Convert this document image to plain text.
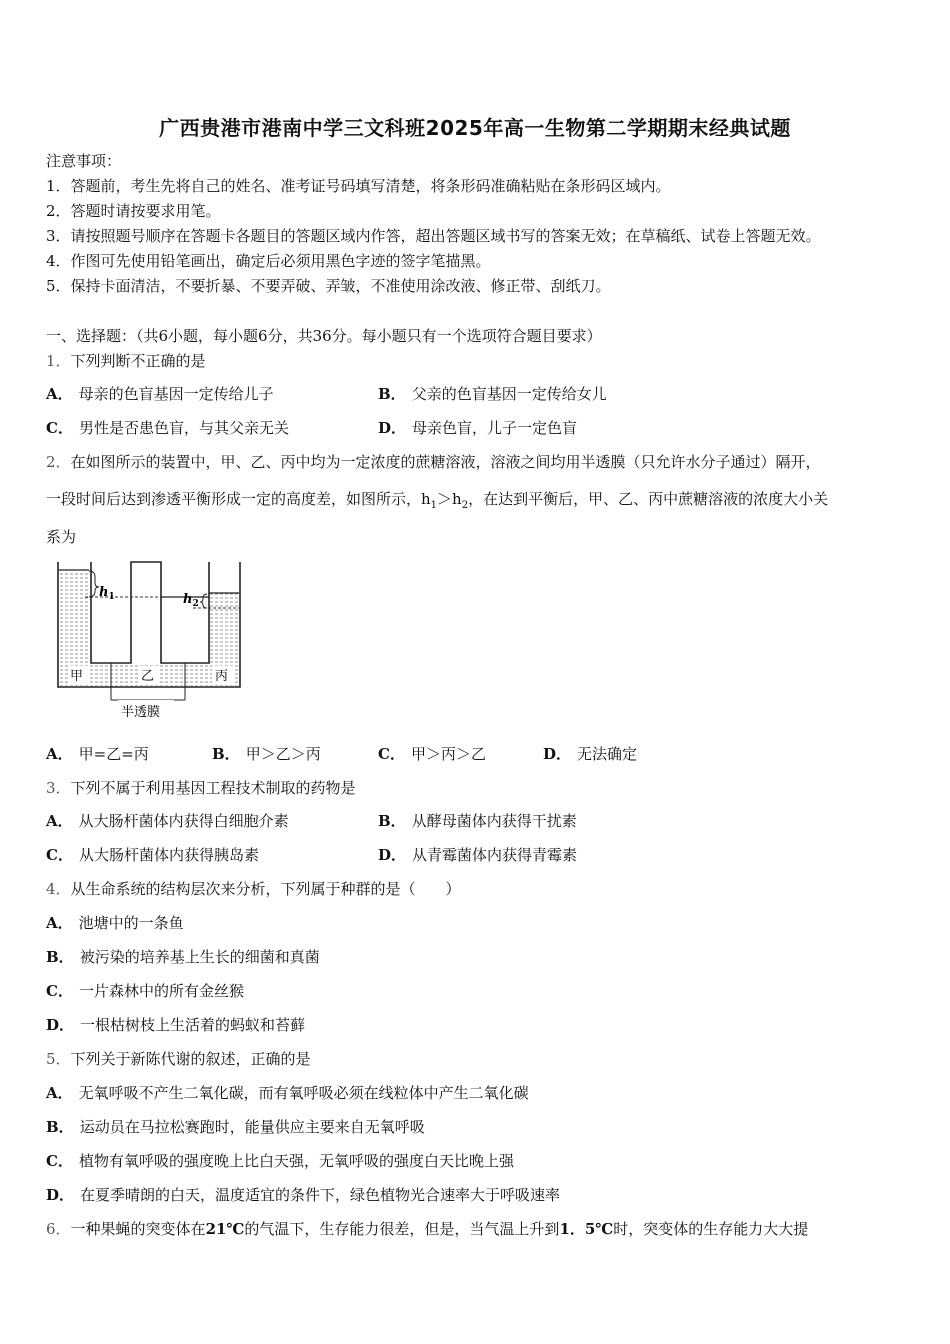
广西贵港市港南中学三文科班2025年高一生物第二学期期末经典试题
注意事项：
1．答题前，考生先将自己的姓名、准考证号码填写清楚，将条形码准确粘贴在条形码区域内。
2．答题时请按要求用笔。
3．请按照题号顺序在答题卡各题目的答题区域内作答，超出答题区域书写的答案无效；在草稿纸、试卷上答题无效。
4．作图可先使用铅笔画出，确定后必须用黑色字迹的签字笔描黑。
5．保持卡面清洁，不要折暴、不要弄破、弄皱，不准使用涂改液、修正带、刮纸刀。
一、选择题：（共6小题，每小题6分，共36分。每小题只有一个选项符合题目要求）
1．下列判断不正确的是
A． 母亲的色盲基因一定传给儿子	B． 父亲的色盲基因一定传给女儿
C． 男性是否患色盲，与其父亲无关	D． 母亲色盲，儿子一定色盲
2．在如图所示的装置中，甲、乙、丙中均为一定浓度的蔗糖溶液，溶液之间均用半透膜（只允许水分子通过）隔开，
一段时间后达到渗透平衡形成一定的高度差，如图所示，$h_1>h_2$，在达到平衡后，甲、乙、丙中蔗糖溶液的浓度大小关
系为
$h_1$	$h_2$
甲	乙	丙
半透膜
A． 甲=乙=丙	B． 甲＞乙＞丙	C． 甲＞丙＞乙	D． 无法确定
3．下列不属于利用基因工程技术制取的药物是
A． 从大肠杆菌体内获得白细胞介素	B． 从酵母菌体内获得干扰素
C． 从大肠杆菌体内获得胰岛素	D． 从青霉菌体内获得青霉素
4．从生命系统的结构层次来分析，下列属于种群的是（　　）
A． 池塘中的一条鱼
B． 被污染的培养基上生长的细菌和真菌
C． 一片森林中的所有金丝猴
D． 一根枯树枝上生活着的蚂蚁和苔藓
5．下列关于新陈代谢的叙述，正确的是
A． 无氧呼吸不产生二氧化碳，而有氧呼吸必须在线粒体中产生二氧化碳
B． 运动员在马拉松赛跑时，能量供应主要来自无氧呼吸
C． 植物有氧呼吸的强度晚上比白天强，无氧呼吸的强度白天比晚上强
D． 在夏季晴朗的白天，温度适宜的条件下，绿色植物光合速率大于呼吸速率
6．一种果蝇的突变体在21℃的气温下，生存能力很差，但是，当气温上升到1．5℃时，突变体的生存能力大大提
